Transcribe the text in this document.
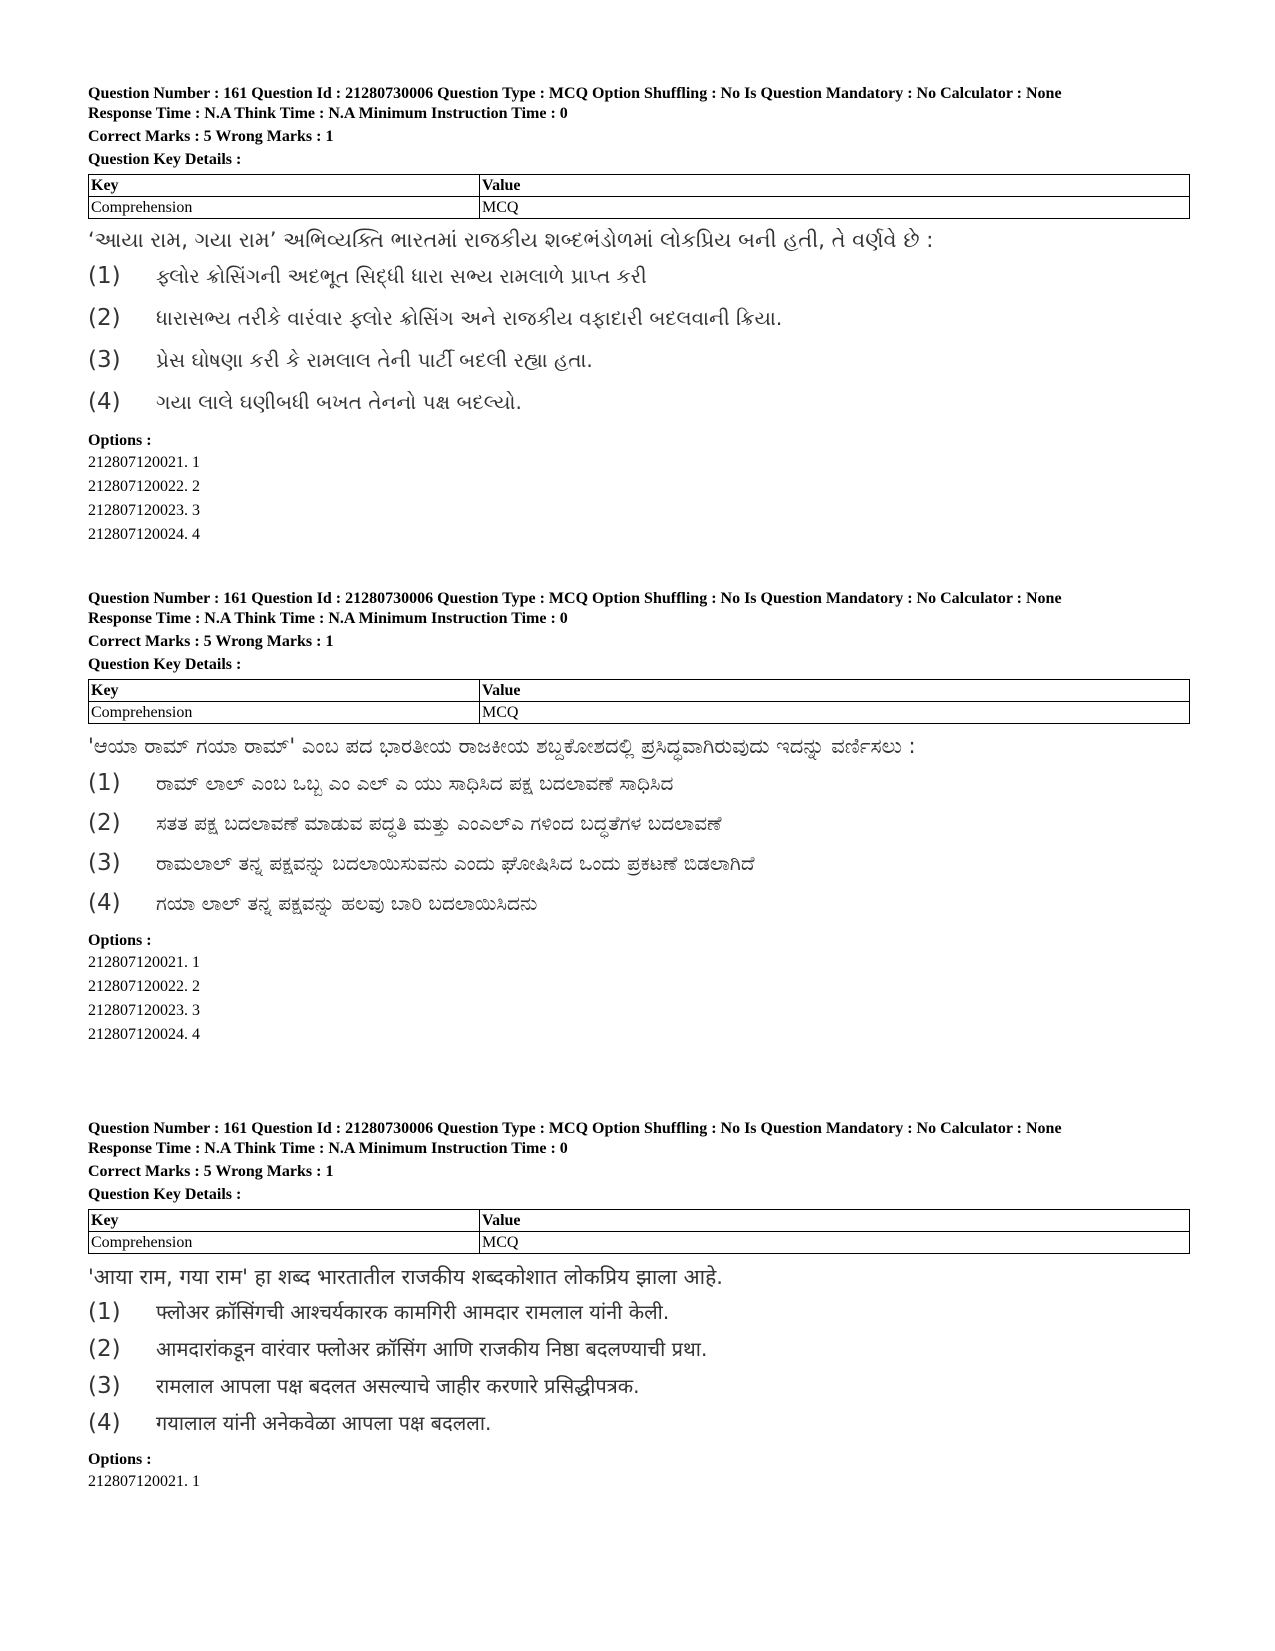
Question Number : 161 Question Id : 21280730006 Question Type : MCQ Option Shuffling : No Is Question Mandatory : No Calculator : None
Response Time : N.A Think Time : N.A Minimum Instruction Time : 0
Correct Marks : 5 Wrong Marks : 1
Question Key Details :
Key	Value
Comprehension	MCQ
‘આયા રામ, ગયા રામ’ અભિવ્યક્તિ ભારતમાં રાજકીય શબ્દભંડોળમાં લોકપ્રિય બની હતી, તે વર્ણવે છે :
(1)	ફ્લોર ક્રોસિંગની અદભૂત સિદ્ધી ધારા સભ્ય રામલાળે પ્રાપ્ત કરી
(2)	ધારાસભ્ય તરીકે વારંવાર ફ્લોર ક્રોસિંગ અને રાજકીય વફાદારી બદલવાની ક્રિયા.
(3)	પ્રેસ ઘોષણા કરી કે રામલાલ તેની પાર્ટી બદલી રહ્યા હતા.
(4)	ગયા લાલે ઘણીબધી બખત તેનનો પક્ષ બદલ્યો.
Options :
212807120021. 1
212807120022. 2
212807120023. 3
212807120024. 4
Question Number : 161 Question Id : 21280730006 Question Type : MCQ Option Shuffling : No Is Question Mandatory : No Calculator : None
Response Time : N.A Think Time : N.A Minimum Instruction Time : 0
Correct Marks : 5 Wrong Marks : 1
Question Key Details :
Key	Value
Comprehension	MCQ
'ಆಯಾ ರಾಮ್ ಗಯಾ ರಾಮ್' ಎಂಬ ಪದ ಭಾರತೀಯ ರಾಜಕೀಯ ಶಬ್ದಕೋಶದಲ್ಲಿ ಪ್ರಸಿದ್ಧವಾಗಿರುವುದು ಇದನ್ನು ವರ್ಣಿಸಲು :
(1)	ರಾಮ್ ಲಾಲ್ ಎಂಬ ಒಬ್ಬ ಎಂ ಎಲ್ ಎ ಯು ಸಾಧಿಸಿದ ಪಕ್ಷ ಬದಲಾವಣೆ ಸಾಧಿಸಿದ
(2)	ಸತತ ಪಕ್ಷ ಬದಲಾವಣೆ ಮಾಡುವ ಪದ್ಧತಿ ಮತ್ತು ಎಂಎಲ್ಎ ಗಳಿಂದ ಬದ್ಧತೆಗಳ ಬದಲಾವಣೆ
(3)	ರಾಮಲಾಲ್ ತನ್ನ ಪಕ್ಷವನ್ನು ಬದಲಾಯಿಸುವನು ಎಂದು ಘೋಷಿಸಿದ ಒಂದು ಪ್ರಕಟಣೆ ಬಿಡಲಾಗಿದೆ
(4)	ಗಯಾ ಲಾಲ್ ತನ್ನ ಪಕ್ಷವನ್ನು ಹಲವು ಬಾರಿ ಬದಲಾಯಿಸಿದನು
Options :
212807120021. 1
212807120022. 2
212807120023. 3
212807120024. 4
Question Number : 161 Question Id : 21280730006 Question Type : MCQ Option Shuffling : No Is Question Mandatory : No Calculator : None
Response Time : N.A Think Time : N.A Minimum Instruction Time : 0
Correct Marks : 5 Wrong Marks : 1
Question Key Details :
Key	Value
Comprehension	MCQ
'आया राम, गया राम' हा शब्द भारतातील राजकीय शब्दकोशात लोकप्रिय झाला आहे.
(1)	फ्लोअर क्रॉसिंगची आश्चर्यकारक कामगिरी आमदार रामलाल यांनी केली.
(2)	आमदारांकडून वारंवार फ्लोअर क्रॉसिंग आणि राजकीय निष्ठा बदलण्याची प्रथा.
(3)	रामलाल आपला पक्ष बदलत असल्याचे जाहीर करणारे प्रसिद्धीपत्रक.
(4)	गयालाल यांनी अनेकवेळा आपला पक्ष बदलला.
Options :
212807120021. 1
